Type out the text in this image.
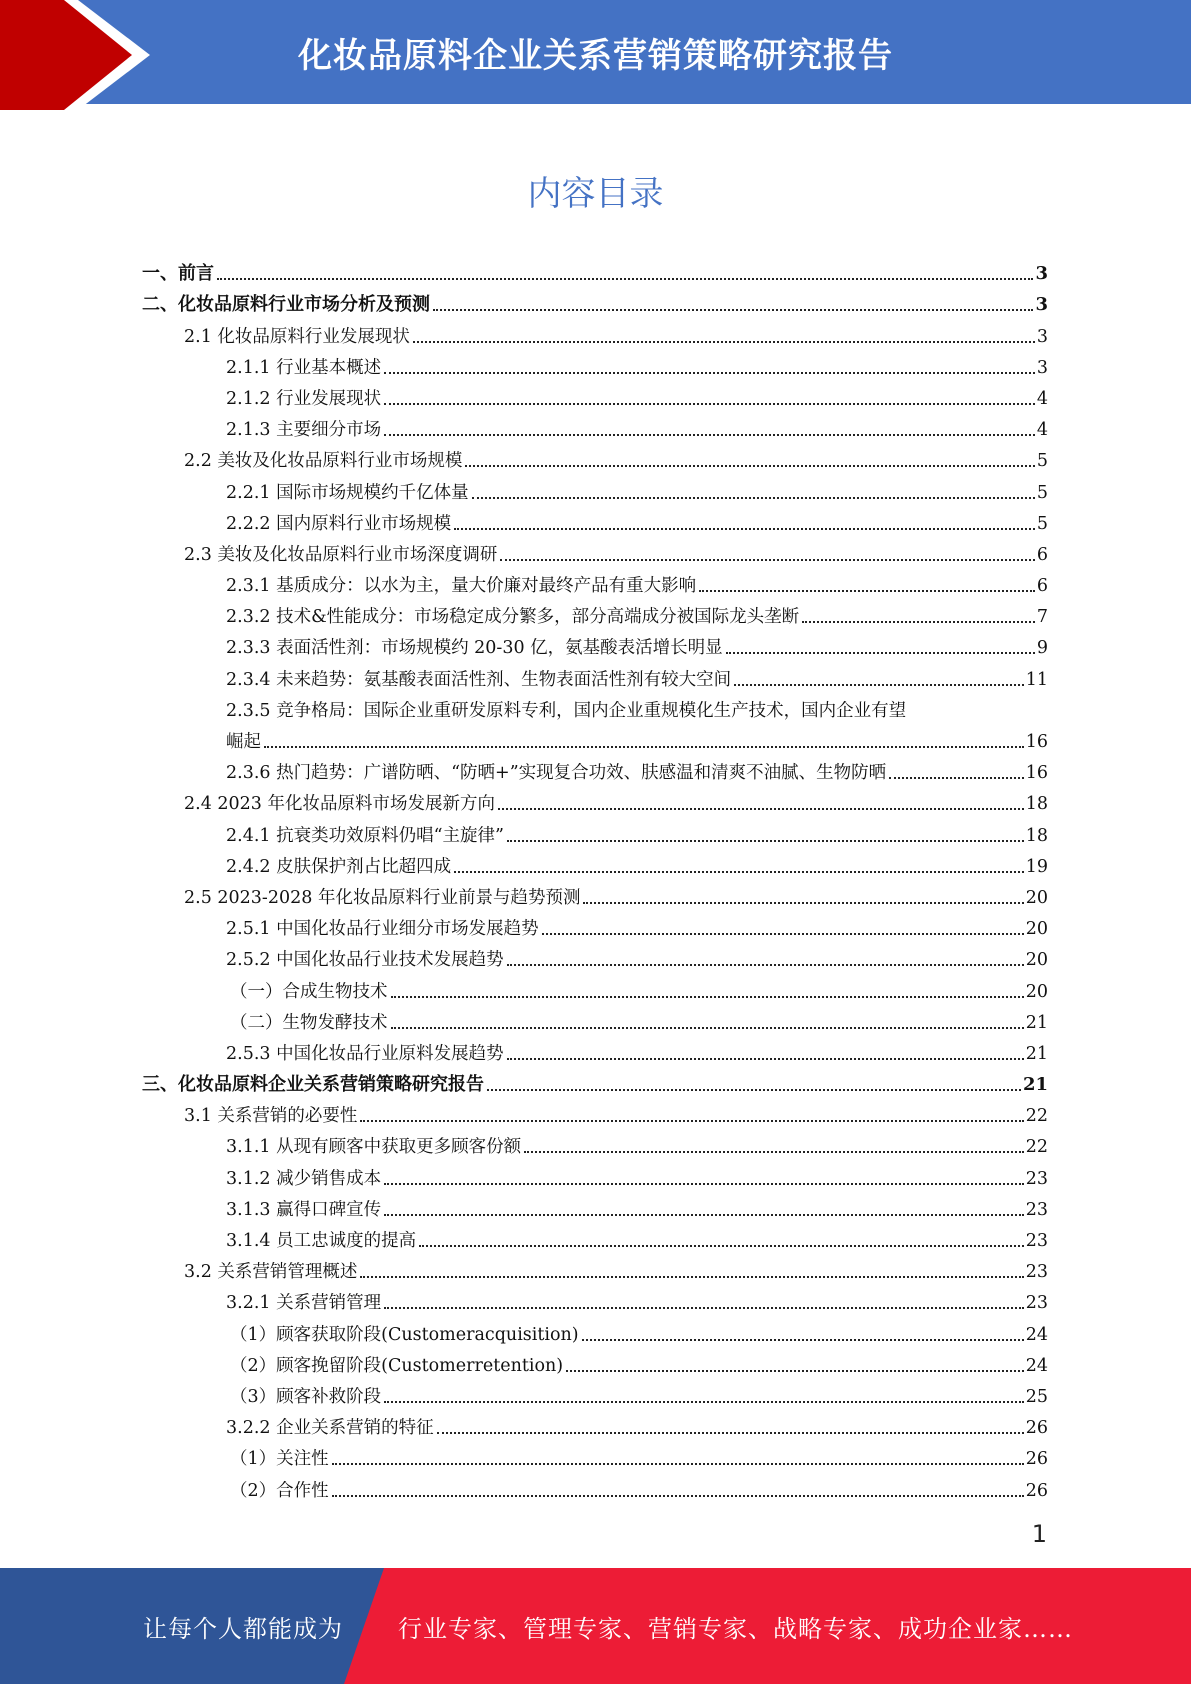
化妆品原料企业关系营销策略研究报告
内容目录
一、前言	3
二、化妆品原料行业市场分析及预测	3
2.1 化妆品原料行业发展现状	3
2.1.1 行业基本概述	3
2.1.2 行业发展现状	4
2.1.3 主要细分市场	4
2.2 美妆及化妆品原料行业市场规模	5
2.2.1 国际市场规模约千亿体量	5
2.2.2 国内原料行业市场规模	5
2.3 美妆及化妆品原料行业市场深度调研	6
2.3.1 基质成分：以水为主，量大价廉对最终产品有重大影响	6
2.3.2 技术&性能成分：市场稳定成分繁多，部分高端成分被国际龙头垄断	7
2.3.3 表面活性剂：市场规模约 20-30 亿，氨基酸表活增长明显	9
2.3.4 未来趋势：氨基酸表面活性剂、生物表面活性剂有较大空间	11
2.3.5 竞争格局：国际企业重研发原料专利，国内企业重规模化生产技术，国内企业有望
崛起	16
2.3.6 热门趋势：广谱防晒、“防晒+”实现复合功效、肤感温和清爽不油腻、生物防晒	16
2.4 2023 年化妆品原料市场发展新方向	18
2.4.1 抗衰类功效原料仍唱“主旋律”	18
2.4.2 皮肤保护剂占比超四成	19
2.5 2023-2028 年化妆品原料行业前景与趋势预测	20
2.5.1 中国化妆品行业细分市场发展趋势	20
2.5.2 中国化妆品行业技术发展趋势	20
（一）合成生物技术	20
（二）生物发酵技术	21
2.5.3 中国化妆品行业原料发展趋势	21
三、化妆品原料企业关系营销策略研究报告	21
3.1 关系营销的必要性	22
3.1.1 从现有顾客中获取更多顾客份额	22
3.1.2 减少销售成本	23
3.1.3 赢得口碑宣传	23
3.1.4 员工忠诚度的提高	23
3.2 关系营销管理概述	23
3.2.1 关系营销管理	23
（1）顾客获取阶段(Customeracquisition)	24
（2）顾客挽留阶段(Customerretention)	24
（3）顾客补救阶段	25
3.2.2 企业关系营销的特征	26
（1）关注性	26
（2）合作性	26
1
让每个人都能成为 行业专家、管理专家、营销专家、战略专家、成功企业家……
